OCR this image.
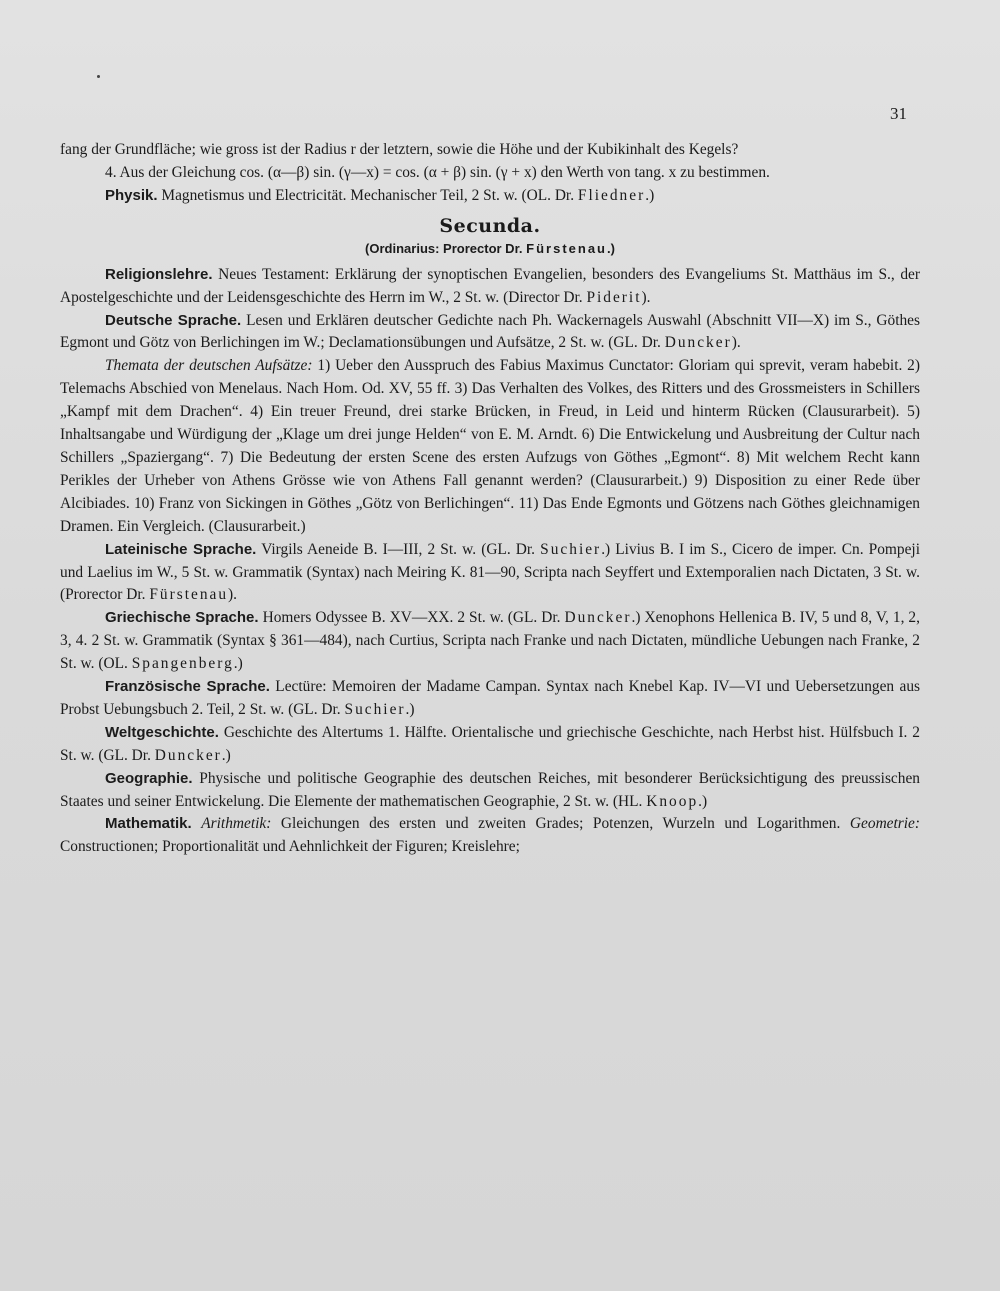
31

fang der Grundfläche; wie gross ist der Radius r der letztern, sowie die Höhe und der Kubikinhalt des Kegels?

4. Aus der Gleichung cos. (α—β) sin. (γ—x) = cos. (α + β) sin. (γ + x) den Werth von tang. x zu bestimmen.

Physik. Magnetismus und Electricität. Mechanischer Teil, 2 St. w. (OL. Dr. Fliedner.)

Secunda.
(Ordinarius: Prorector Dr. Fürstenau.)

Religionslehre. Neues Testament: Erklärung der synoptischen Evangelien, besonders des Evangeliums St. Matthäus im S., der Apostelgeschichte und der Leidensgeschichte des Herrn im W., 2 St. w. (Director Dr. Piderit).

Deutsche Sprache. Lesen und Erklären deutscher Gedichte nach Ph. Wackernagels Auswahl (Abschnitt VII—X) im S., Göthes Egmont und Götz von Berlichingen im W.; Declamationsübungen und Aufsätze, 2 St. w. (GL. Dr. Duncker).

Themata der deutschen Aufsätze: 1) Ueber den Ausspruch des Fabius Maximus Cunctator: Gloriam qui sprevit, veram habebit. 2) Telemachs Abschied von Menelaus. Nach Hom. Od. XV, 55 ff. 3) Das Verhalten des Volkes, des Ritters und des Grossmeisters in Schillers „Kampf mit dem Drachen“. 4) Ein treuer Freund, drei starke Brücken, in Freud, in Leid und hinterm Rücken (Clausurarbeit). 5) Inhaltsangabe und Würdigung der „Klage um drei junge Helden“ von E. M. Arndt. 6) Die Entwickelung und Ausbreitung der Cultur nach Schillers „Spaziergang“. 7) Die Bedeutung der ersten Scene des ersten Aufzugs von Göthes „Egmont“. 8) Mit welchem Recht kann Perikles der Urheber von Athens Grösse wie von Athens Fall genannt werden? (Clausurarbeit.) 9) Disposition zu einer Rede über Alcibiades. 10) Franz von Sickingen in Göthes „Götz von Berlichingen“. 11) Das Ende Egmonts und Götzens nach Göthes gleichnamigen Dramen. Ein Vergleich. (Clausurarbeit.)

Lateinische Sprache. Virgils Aeneide B. I—III, 2 St. w. (GL. Dr. Suchier.) Livius B. I im S., Cicero de imper. Cn. Pompeji und Laelius im W., 5 St. w. Grammatik (Syntax) nach Meiring K. 81—90, Scripta nach Seyffert und Extemporalien nach Dictaten, 3 St. w. (Prorector Dr. Fürstenau).

Griechische Sprache. Homers Odyssee B. XV—XX. 2 St. w. (GL. Dr. Duncker.) Xenophons Hellenica B. IV, 5 und 8, V, 1, 2, 3, 4. 2 St. w. Grammatik (Syntax § 361—484), nach Curtius, Scripta nach Franke und nach Dictaten, mündliche Uebungen nach Franke, 2 St. w. (OL. Spangenberg.)

Französische Sprache. Lectüre: Memoiren der Madame Campan. Syntax nach Knebel Kap. IV—VI und Uebersetzungen aus Probst Uebungsbuch 2. Teil, 2 St. w. (GL. Dr. Suchier.)

Weltgeschichte. Geschichte des Altertums 1. Hälfte. Orientalische und griechische Geschichte, nach Herbst hist. Hülfsbuch I. 2 St. w. (GL. Dr. Duncker.)

Geographie. Physische und politische Geographie des deutschen Reiches, mit besonderer Berücksichtigung des preussischen Staates und seiner Entwickelung. Die Elemente der mathematischen Geographie, 2 St. w. (HL. Knoop.)

Mathematik. Arithmetik: Gleichungen des ersten und zweiten Grades; Potenzen, Wurzeln und Logarithmen. Geometrie: Constructionen; Proportionalität und Aehnlichkeit der Figuren; Kreislehre;
